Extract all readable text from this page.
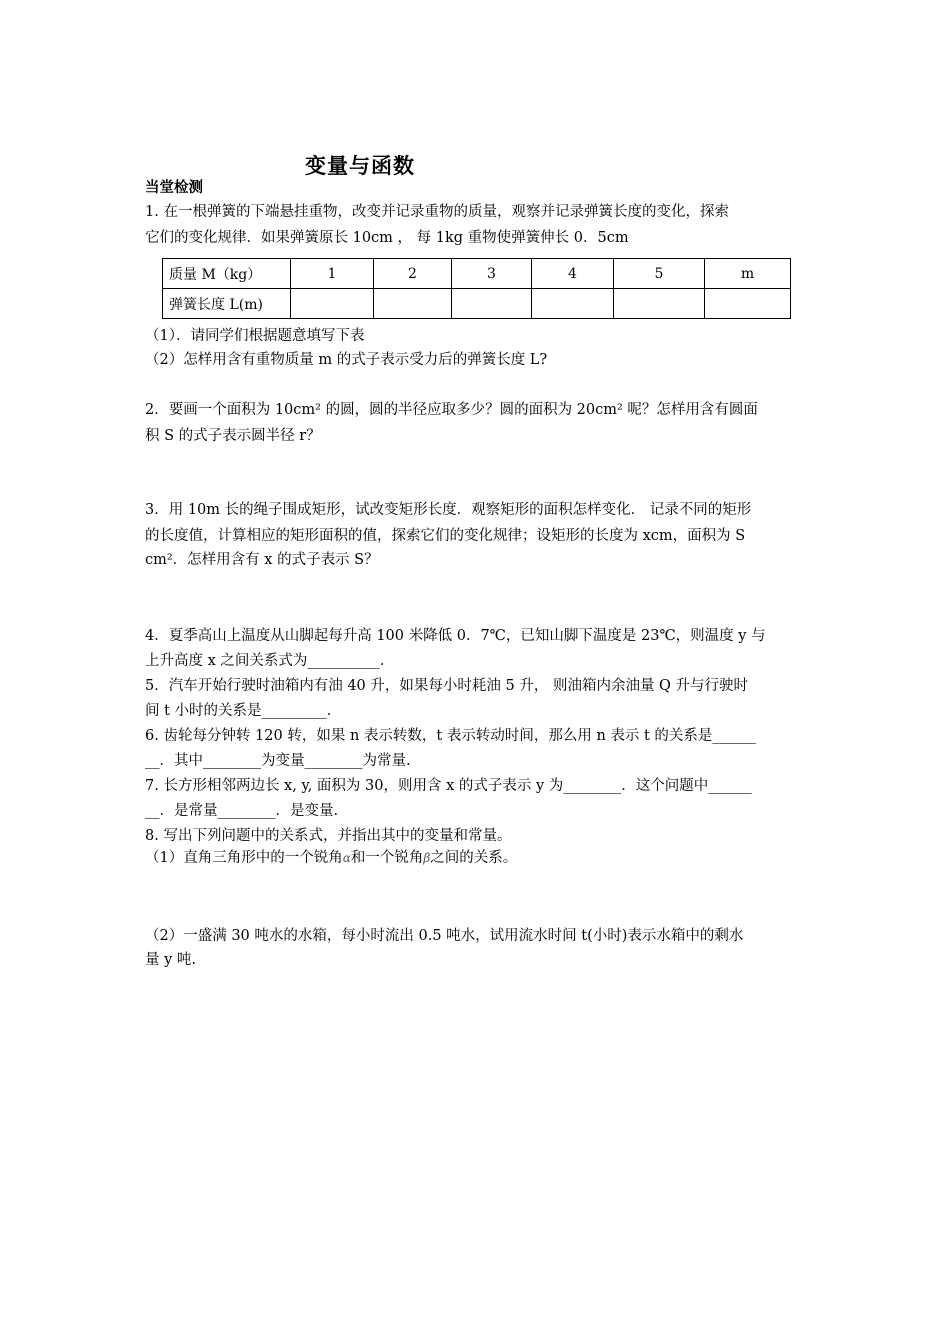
变量与函数
当堂检测
1. 在一根弹簧的下端悬挂重物，改变并记录重物的质量，观察并记录弹簧长度的变化，探索
它们的变化规律．如果弹簧原长 10cm ， 每 1kg 重物使弹簧伸长 0．5cm
质量 M（kg）	1	2	3	4	5	m
弹簧长度 L(m)						
（1）．请同学们根据题意填写下表
（2）怎样用含有重物质量 m 的式子表示受力后的弹簧长度 L?
2．要画一个面积为 10cm² 的圆，圆的半径应取多少？圆的面积为 20cm² 呢？怎样用含有圆面
积 S 的式子表示圆半径 r？
3．用 10m 长的绳子围成矩形，试改变矩形长度．观察矩形的面积怎样变化． 记录不同的矩形
的长度值，计算相应的矩形面积的值，探索它们的变化规律；设矩形的长度为 xcm，面积为 S
cm²．怎样用含有 x 的式子表示 S？
4．夏季高山上温度从山脚起每升高 100 米降低 0．7℃，已知山脚下温度是 23℃，则温度 y 与
上升高度 x 之间关系式为__________．
5．汽车开始行驶时油箱内有油 40 升，如果每小时耗油 5 升， 则油箱内余油量 Q 升与行驶时
间 t 小时的关系是_________．
6. 齿轮每分钟转 120 转，如果 n 表示转数，t 表示转动时间，那么用 n 表示 t 的关系是______
__．其中________为变量________为常量.
7. 长方形相邻两边长 x, y, 面积为 30，则用含 x 的式子表示 y 为________．这个问题中______
__．是常量________．是变量.
8. 写出下列问题中的关系式，并指出其中的变量和常量。
（1）直角三角形中的一个锐角α和一个锐角β之间的关系。
（2）一盛满 30 吨水的水箱，每小时流出 0.5 吨水，试用流水时间 t(小时)表示水箱中的剩水
量 y 吨.
